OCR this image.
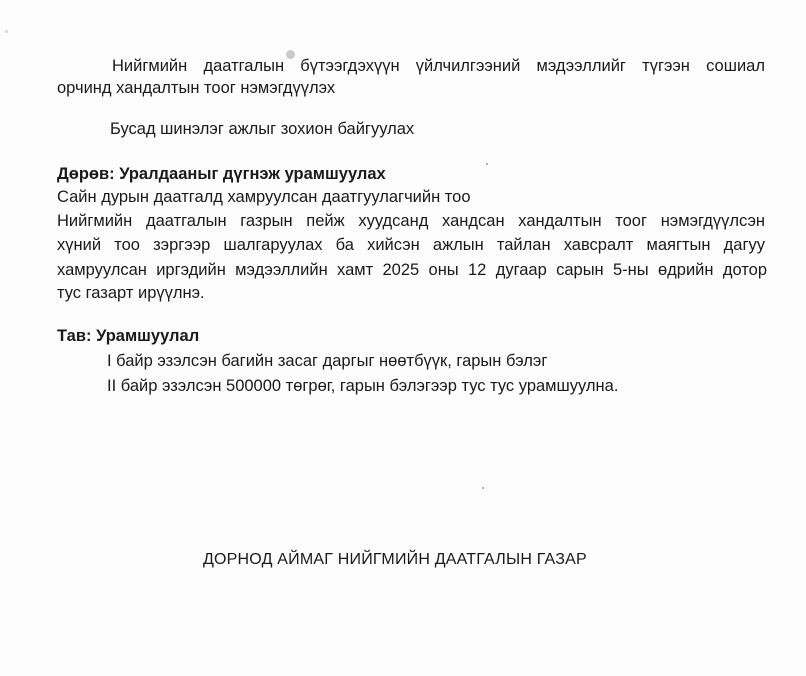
Нийгмийн даатгалын бүтээгдэхүүн үйлчилгээний мэдээллийг түгээн сошиал
орчинд хандалтын тоог нэмэгдүүлэх
Бусад шинэлэг ажлыг зохион байгуулах
Дөрөв: Уралдааныг дүгнэж урамшуулах
Сайн дурын даатгалд хамруулсан даатгуулагчийн тоо
Нийгмийн даатгалын газрын пейж хуудсанд хандсан хандалтын тоог нэмэгдүүлсэн
хүний тоо зэргээр шалгаруулах ба хийсэн ажлын тайлан хавсралт маягтын дагуу
хамруулсан иргэдийн мэдээллийн хамт 2025 оны 12 дугаар сарын 5-ны өдрийн дотор
тус газарт ирүүлнэ.
Тав: Урамшуулал
I байр эзэлсэн багийн засаг даргыг нөөтбүүк, гарын бэлэг
II байр эзэлсэн 500000 төгрөг, гарын бэлэгээр тус тус урамшуулна.
ДОРНОД АЙМАГ НИЙГМИЙН ДААТГАЛЫН ГАЗАР
